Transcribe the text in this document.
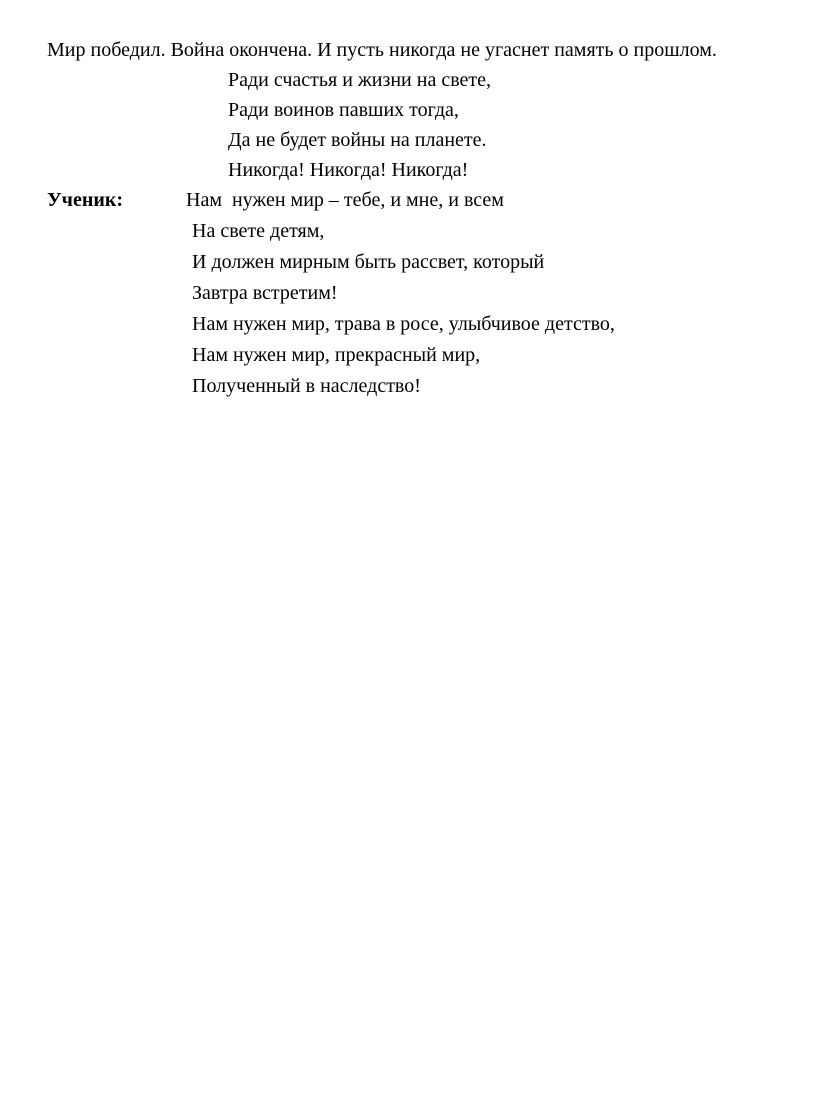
Мир победил. Война окончена. И пусть никогда не угаснет память о прошлом.
Ради счастья и жизни на свете,
Ради воинов павших тогда,
Да не будет войны на планете.
Никогда! Никогда! Никогда!
Ученик:	Нам  нужен мир – тебе, и мне, и всем
На свете детям,
И должен мирным быть рассвет, который
Завтра встретим!
Нам нужен мир, трава в росе, улыбчивое детство,
Нам нужен мир, прекрасный мир,
Полученный в наследство!
